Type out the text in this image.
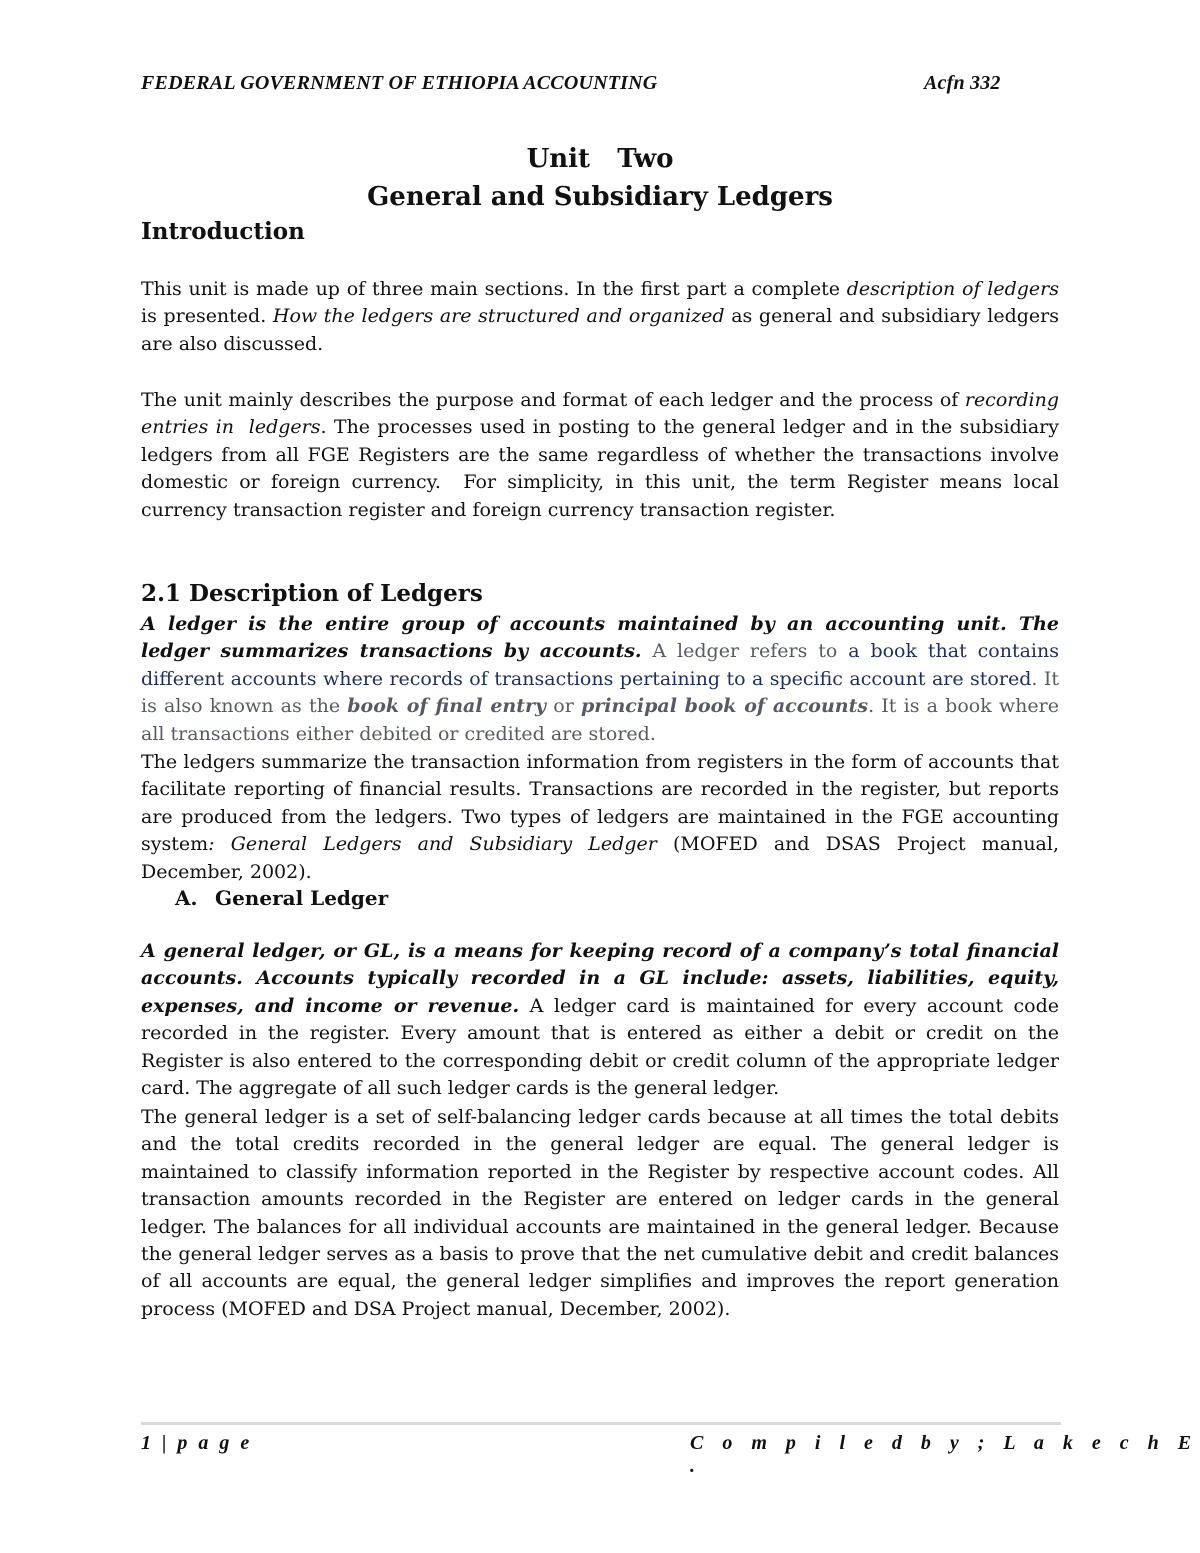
FEDERAL GOVERNMENT OF ETHIOPIA ACCOUNTING	Acfn 332
Unit   Two
General and Subsidiary Ledgers
Introduction
This unit is made up of three main sections. In the first part a complete description of ledgers is presented. How the ledgers are structured and organized as general and subsidiary ledgers are also discussed.
The unit mainly describes the purpose and format of each ledger and the process of recording entries in  ledgers. The processes used in posting to the general ledger and in the subsidiary ledgers from all FGE Registers are the same regardless of whether the transactions involve domestic or foreign currency.  For simplicity, in this unit, the term Register means local currency transaction register and foreign currency transaction register.
2.1 Description of Ledgers
A ledger is the entire group of accounts maintained by an accounting unit. The ledger summarizes transactions by accounts. A ledger refers to a book that contains different accounts where records of transactions pertaining to a specific account are stored. It is also known as the book of final entry or principal book of accounts. It is a book where all transactions either debited or credited are stored.
The ledgers summarize the transaction information from registers in the form of accounts that facilitate reporting of financial results. Transactions are recorded in the register, but reports are produced from the ledgers. Two types of ledgers are maintained in the FGE accounting system: General Ledgers and Subsidiary Ledger (MOFED and DSAS Project manual, December, 2002).
A. General Ledger
A general ledger, or GL, is a means for keeping record of a company’s total financial accounts. Accounts typically recorded in a GL include: assets, liabilities, equity, expenses, and income or revenue. A ledger card is maintained for every account code recorded in the register. Every amount that is entered as either a debit or credit on the Register is also entered to the corresponding debit or credit column of the appropriate ledger card. The aggregate of all such ledger cards is the general ledger.
The general ledger is a set of self-balancing ledger cards because at all times the total debits and the total credits recorded in the general ledger are equal. The general ledger is maintained to classify information reported in the Register by respective account codes. All transaction amounts recorded in the Register are entered on ledger cards in the general ledger. The balances for all individual accounts are maintained in the general ledger. Because the general ledger serves as a basis to prove that the net cumulative debit and credit balances of all accounts are equal, the general ledger simplifies and improves the report generation process (MOFED and DSA Project manual, December, 2002).
1 | p a g e	C o m p i l e d b y ; L a k e c h E .
